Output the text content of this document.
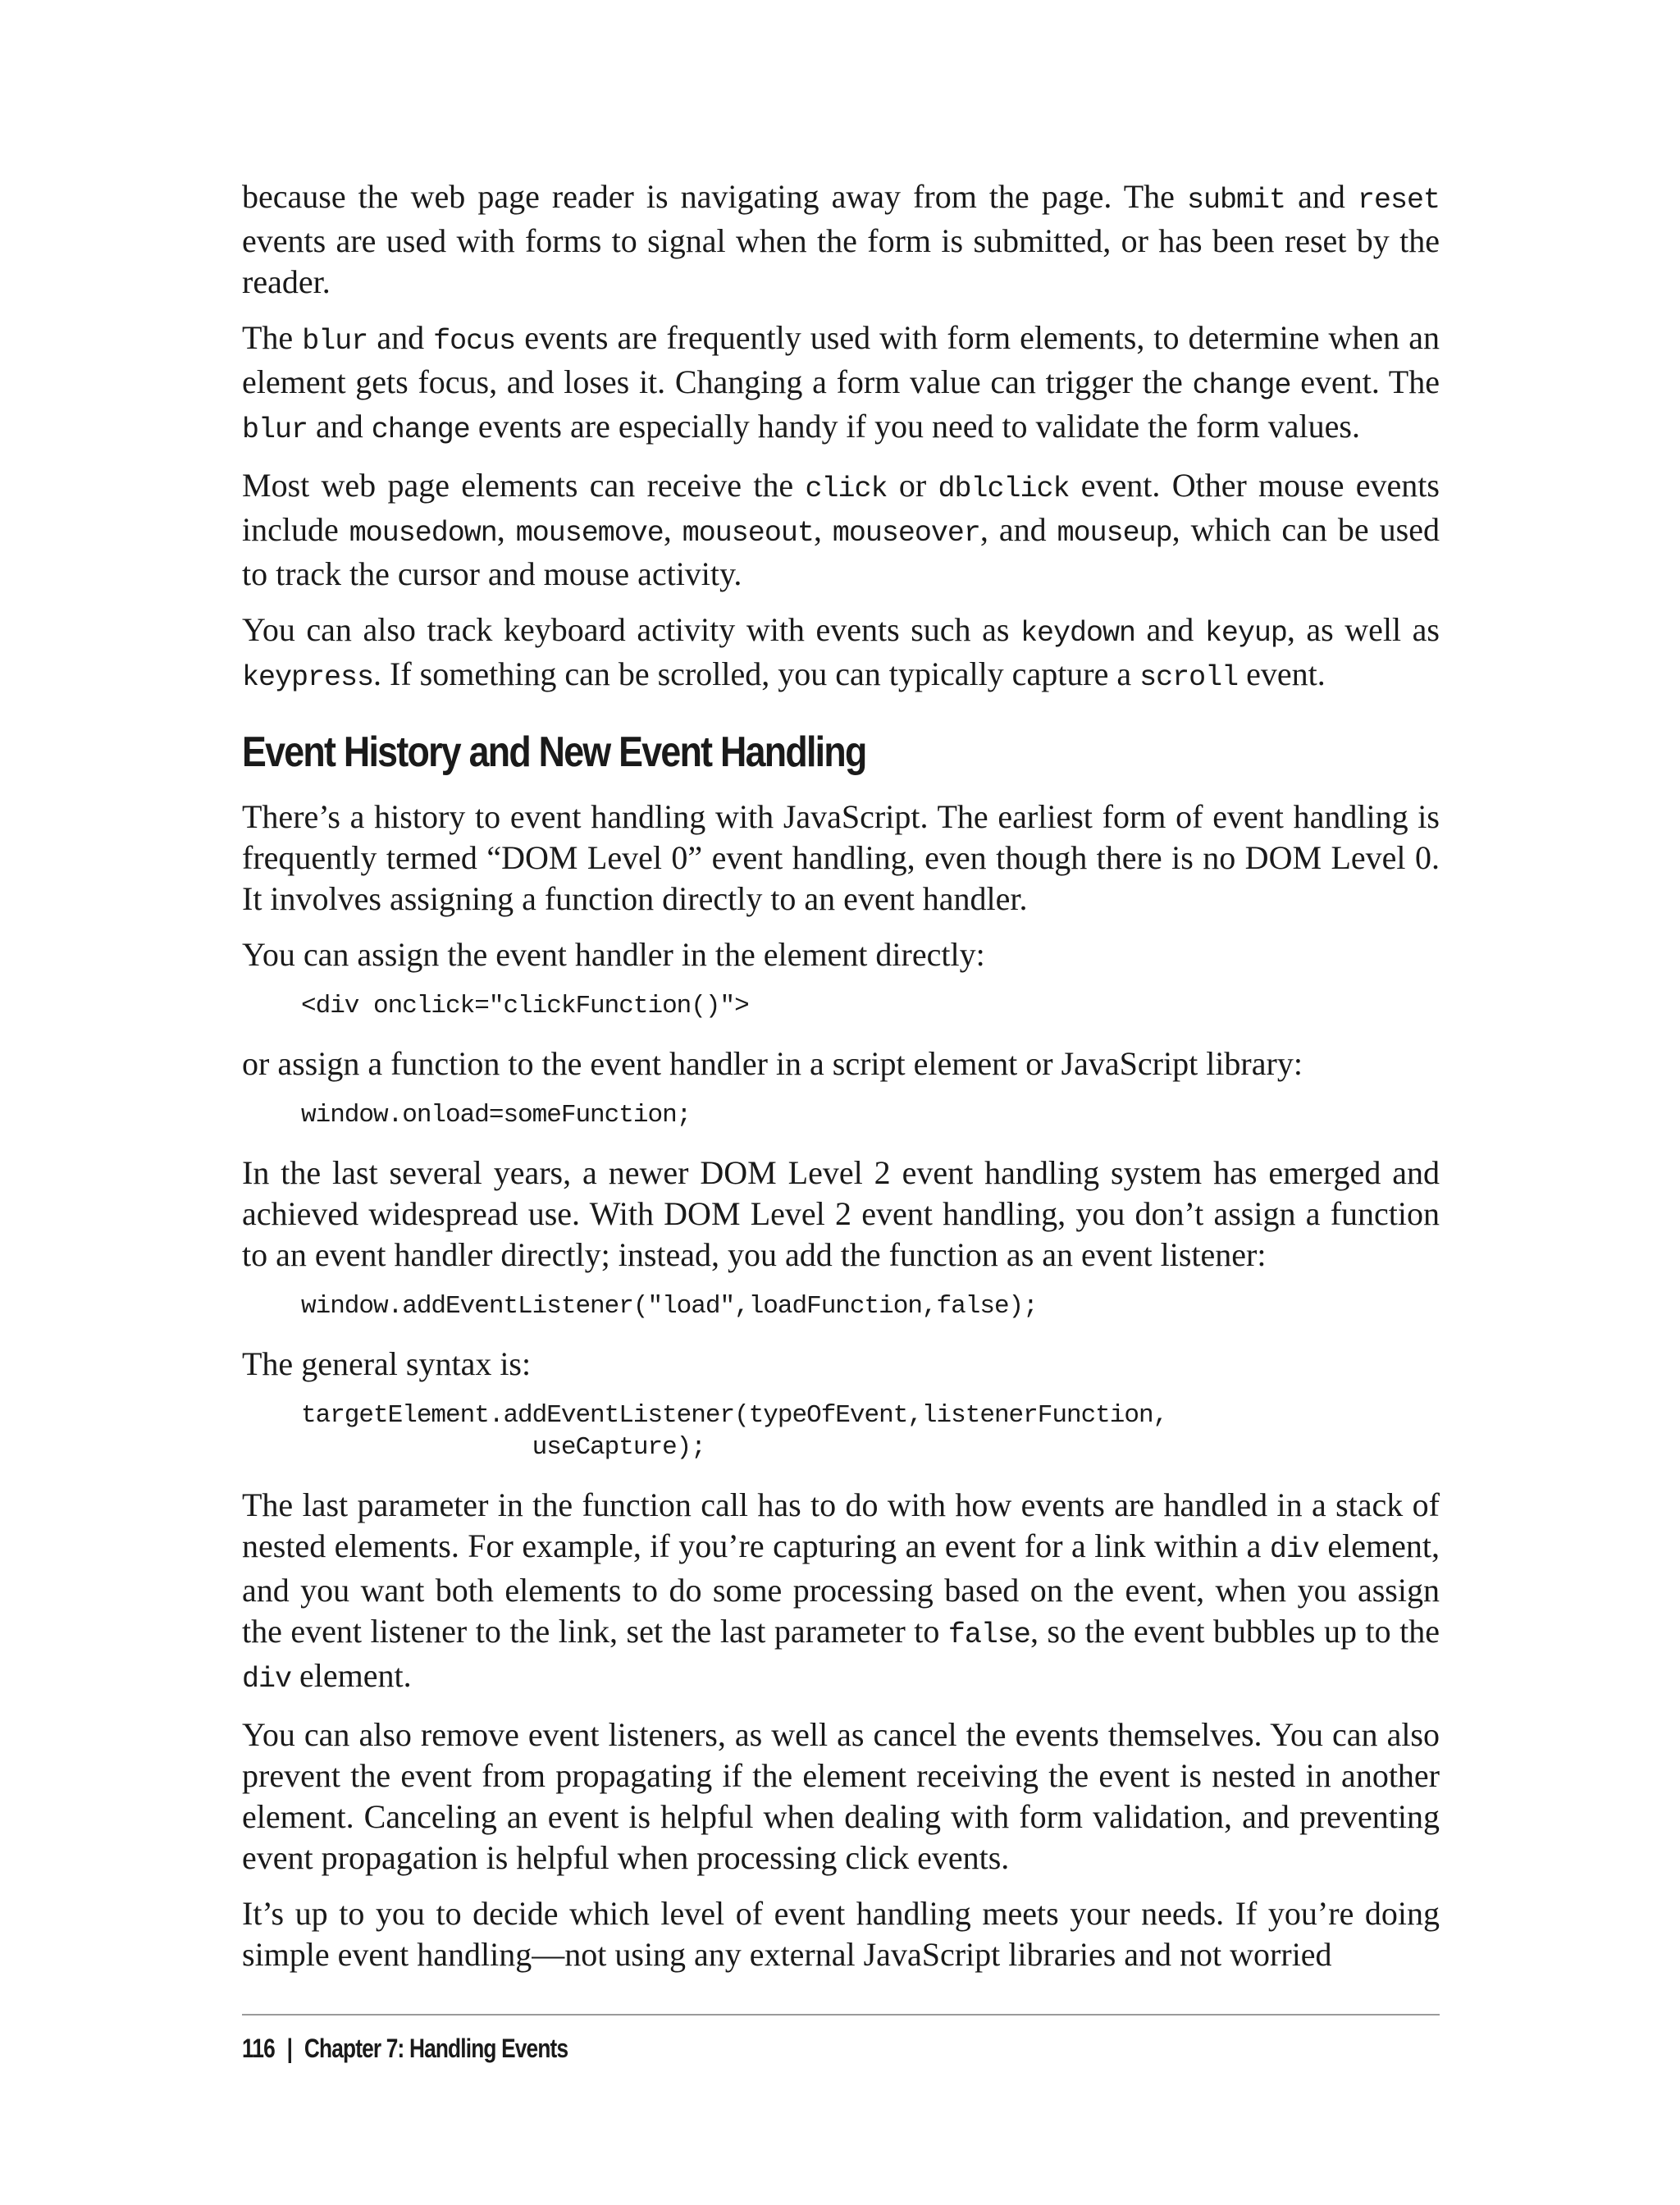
because the web page reader is navigating away from the page. The submit and reset events are used with forms to signal when the form is submitted, or has been reset by the reader.

The blur and focus events are frequently used with form elements, to determine when an element gets focus, and loses it. Changing a form value can trigger the change event. The blur and change events are especially handy if you need to validate the form values.

Most web page elements can receive the click or dblclick event. Other mouse events include mousedown, mousemove, mouseout, mouseover, and mouseup, which can be used to track the cursor and mouse activity.

You can also track keyboard activity with events such as keydown and keyup, as well as keypress. If something can be scrolled, you can typically capture a scroll event.

Event History and New Event Handling

There’s a history to event handling with JavaScript. The earliest form of event handling is frequently termed “DOM Level 0” event handling, even though there is no DOM Level 0. It involves assigning a function directly to an event handler.

You can assign the event handler in the element directly:

<div onclick="clickFunction()">

or assign a function to the event handler in a script element or JavaScript library:

window.onload=someFunction;

In the last several years, a newer DOM Level 2 event handling system has emerged and achieved widespread use. With DOM Level 2 event handling, you don’t assign a function to an event handler directly; instead, you add the function as an event listener:

window.addEventListener("load",loadFunction,false);

The general syntax is:

targetElement.addEventListener(typeOfEvent,listenerFunction,
useCapture);

The last parameter in the function call has to do with how events are handled in a stack of nested elements. For example, if you’re capturing an event for a link within a div element, and you want both elements to do some processing based on the event, when you assign the event listener to the link, set the last parameter to false, so the event bubbles up to the div element.

You can also remove event listeners, as well as cancel the events themselves. You can also prevent the event from propagating if the element receiving the event is nested in another element. Canceling an event is helpful when dealing with form validation, and preventing event propagation is helpful when processing click events.

It’s up to you to decide which level of event handling meets your needs. If you’re doing simple event handling—not using any external JavaScript libraries and not worried

116 | Chapter 7: Handling Events
